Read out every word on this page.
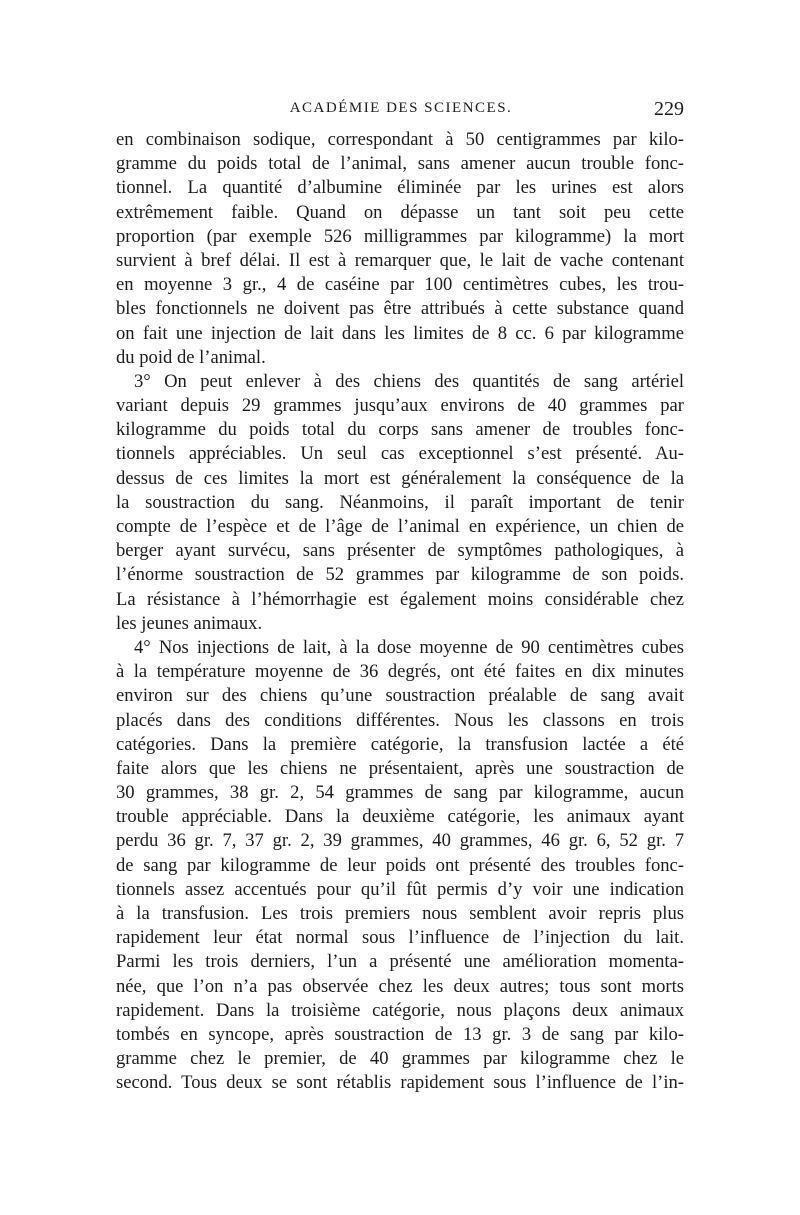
ACADÉMIE DES SCIENCES.	229
en combinaison sodique, correspondant à 50 centigrammes par kilo-
gramme du poids total de l’animal, sans amener aucun trouble fonc-
tionnel. La quantité d’albumine éliminée par les urines est alors
extrêmement faible. Quand on dépasse un tant soit peu cette
proportion (par exemple 526 milligrammes par kilogramme) la mort
survient à bref délai. Il est à remarquer que, le lait de vache contenant
en moyenne 3 gr., 4 de caséine par 100 centimètres cubes, les trou-
bles fonctionnels ne doivent pas être attribués à cette substance quand
on fait une injection de lait dans les limites de 8 cc. 6 par kilogramme
du poid de l’animal.
3° On peut enlever à des chiens des quantités de sang artériel
variant depuis 29 grammes jusqu’aux environs de 40 grammes par
kilogramme du poids total du corps sans amener de troubles fonc-
tionnels appréciables. Un seul cas exceptionnel s’est présenté. Au-
dessus de ces limites la mort est généralement la conséquence de la
la soustraction du sang. Néanmoins, il paraît important de tenir
compte de l’espèce et de l’âge de l’animal en expérience, un chien de
berger ayant survécu, sans présenter de symptômes pathologiques, à
l’énorme soustraction de 52 grammes par kilogramme de son poids.
La résistance à l’hémorrhagie est également moins considérable chez
les jeunes animaux.
4° Nos injections de lait, à la dose moyenne de 90 centimètres cubes
à la température moyenne de 36 degrés, ont été faites en dix minutes
environ sur des chiens qu’une soustraction préalable de sang avait
placés dans des conditions différentes. Nous les classons en trois
catégories. Dans la première catégorie, la transfusion lactée a été
faite alors que les chiens ne présentaient, après une soustraction de
30 grammes, 38 gr. 2, 54 grammes de sang par kilogramme, aucun
trouble appréciable. Dans la deuxième catégorie, les animaux ayant
perdu 36 gr. 7, 37 gr. 2, 39 grammes, 40 grammes, 46 gr. 6, 52 gr. 7
de sang par kilogramme de leur poids ont présenté des troubles fonc-
tionnels assez accentués pour qu’il fût permis d’y voir une indication
à la transfusion. Les trois premiers nous semblent avoir repris plus
rapidement leur état normal sous l’influence de l’injection du lait.
Parmi les trois derniers, l’un a présenté une amélioration momenta-
née, que l’on n’a pas observée chez les deux autres; tous sont morts
rapidement. Dans la troisième catégorie, nous plaçons deux animaux
tombés en syncope, après soustraction de 13 gr. 3 de sang par kilo-
gramme chez le premier, de 40 grammes par kilogramme chez le
second. Tous deux se sont rétablis rapidement sous l’influence de l’in-
